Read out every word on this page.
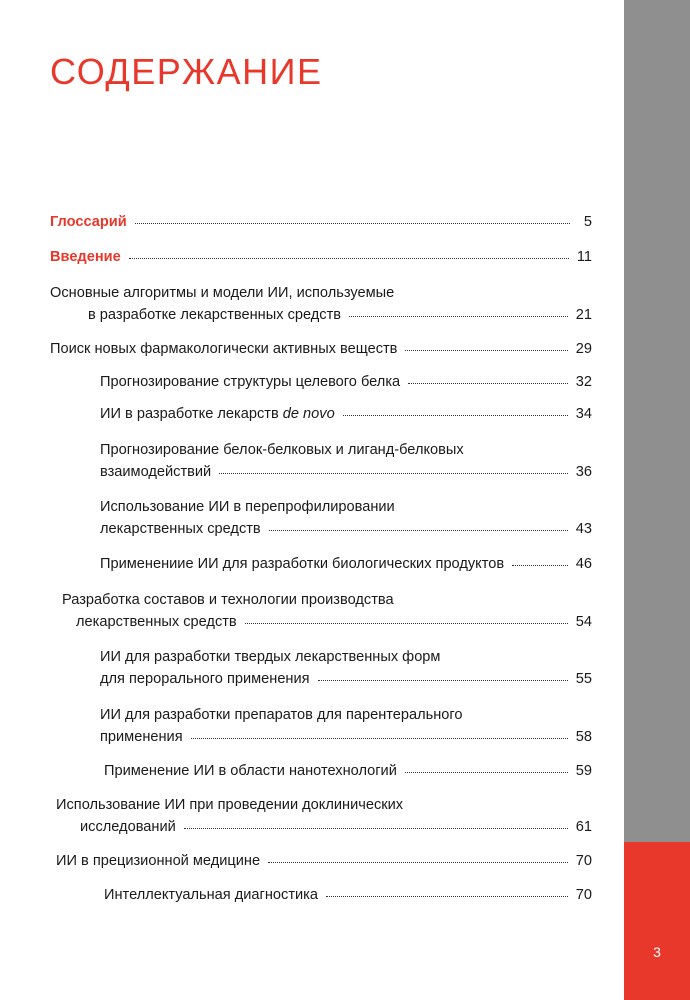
3
СОДЕРЖАНИЕ
Глоссарий	5
Введение	11
Основные алгоритмы и модели ИИ, используемые
в разработке лекарственных средств	21
Поиск новых фармакологически активных веществ	29
Прогнозирование структуры целевого белка	32
ИИ в разработке лекарств de novo	34
Прогнозирование белок-белковых и лиганд-белковых
взаимодействий	36
Использование ИИ в перепрофилировании
лекарственных средств	43
Применениие ИИ для разработки биологических продуктов	46
Разработка составов и технологии производства
лекарственных средств	54
ИИ для разработки твердых лекарственных форм
для перорального применения	55
ИИ для разработки препаратов для парентерального
применения	58
Применение ИИ в области нанотехнологий	59
Использование ИИ при проведении доклинических
исследований	61
ИИ в прецизионной медицине	70
Интеллектуальная диагностика	70
